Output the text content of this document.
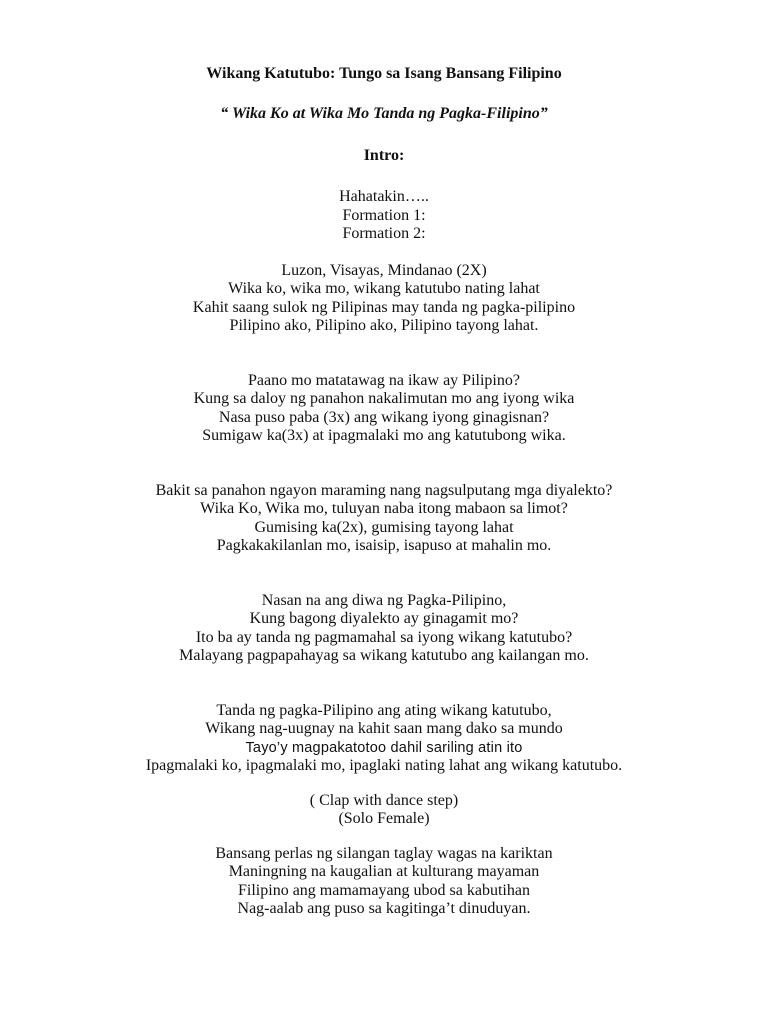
Wikang Katutubo: Tungo sa Isang Bansang Filipino
“ Wika Ko at Wika Mo Tanda ng Pagka-Filipino”
Intro:
Hahatakin…..
Formation 1:
Formation 2:
Luzon, Visayas, Mindanao (2X)
Wika ko, wika mo, wikang katutubo nating lahat
Kahit saang sulok ng Pilipinas may tanda ng pagka-pilipino
Pilipino ako, Pilipino ako, Pilipino tayong lahat.
Paano mo matatawag na ikaw ay Pilipino?
Kung sa daloy ng panahon nakalimutan mo ang iyong wika
Nasa puso paba (3x) ang wikang iyong ginagisnan?
Sumigaw ka(3x) at ipagmalaki mo ang katutubong wika.
Bakit sa panahon ngayon maraming nang nagsulputang mga diyalekto?
Wika Ko, Wika mo, tuluyan naba itong mabaon sa limot?
Gumising ka(2x), gumising tayong lahat
Pagkakakilanlan mo, isaisip, isapuso at mahalin mo.
Nasan na ang diwa ng Pagka-Pilipino,
Kung bagong diyalekto ay ginagamit mo?
Ito ba ay tanda ng pagmamahal sa iyong wikang katutubo?
Malayang pagpapahayag sa wikang katutubo ang kailangan mo.
Tanda ng pagka-Pilipino ang ating wikang katutubo,
Wikang nag-uugnay na kahit saan mang dako sa mundo
Tayo’y magpakatotoo dahil sariling atin ito
Ipagmalaki ko, ipagmalaki mo, ipaglaki nating lahat ang wikang katutubo.
( Clap with dance step)
(Solo Female)
Bansang perlas ng silangan taglay wagas na kariktan
Maningning na kaugalian at kulturang mayaman
Filipino ang mamamayang ubod sa kabutihan
Nag-aalab ang puso sa kagitinga’t dinuduyan.
